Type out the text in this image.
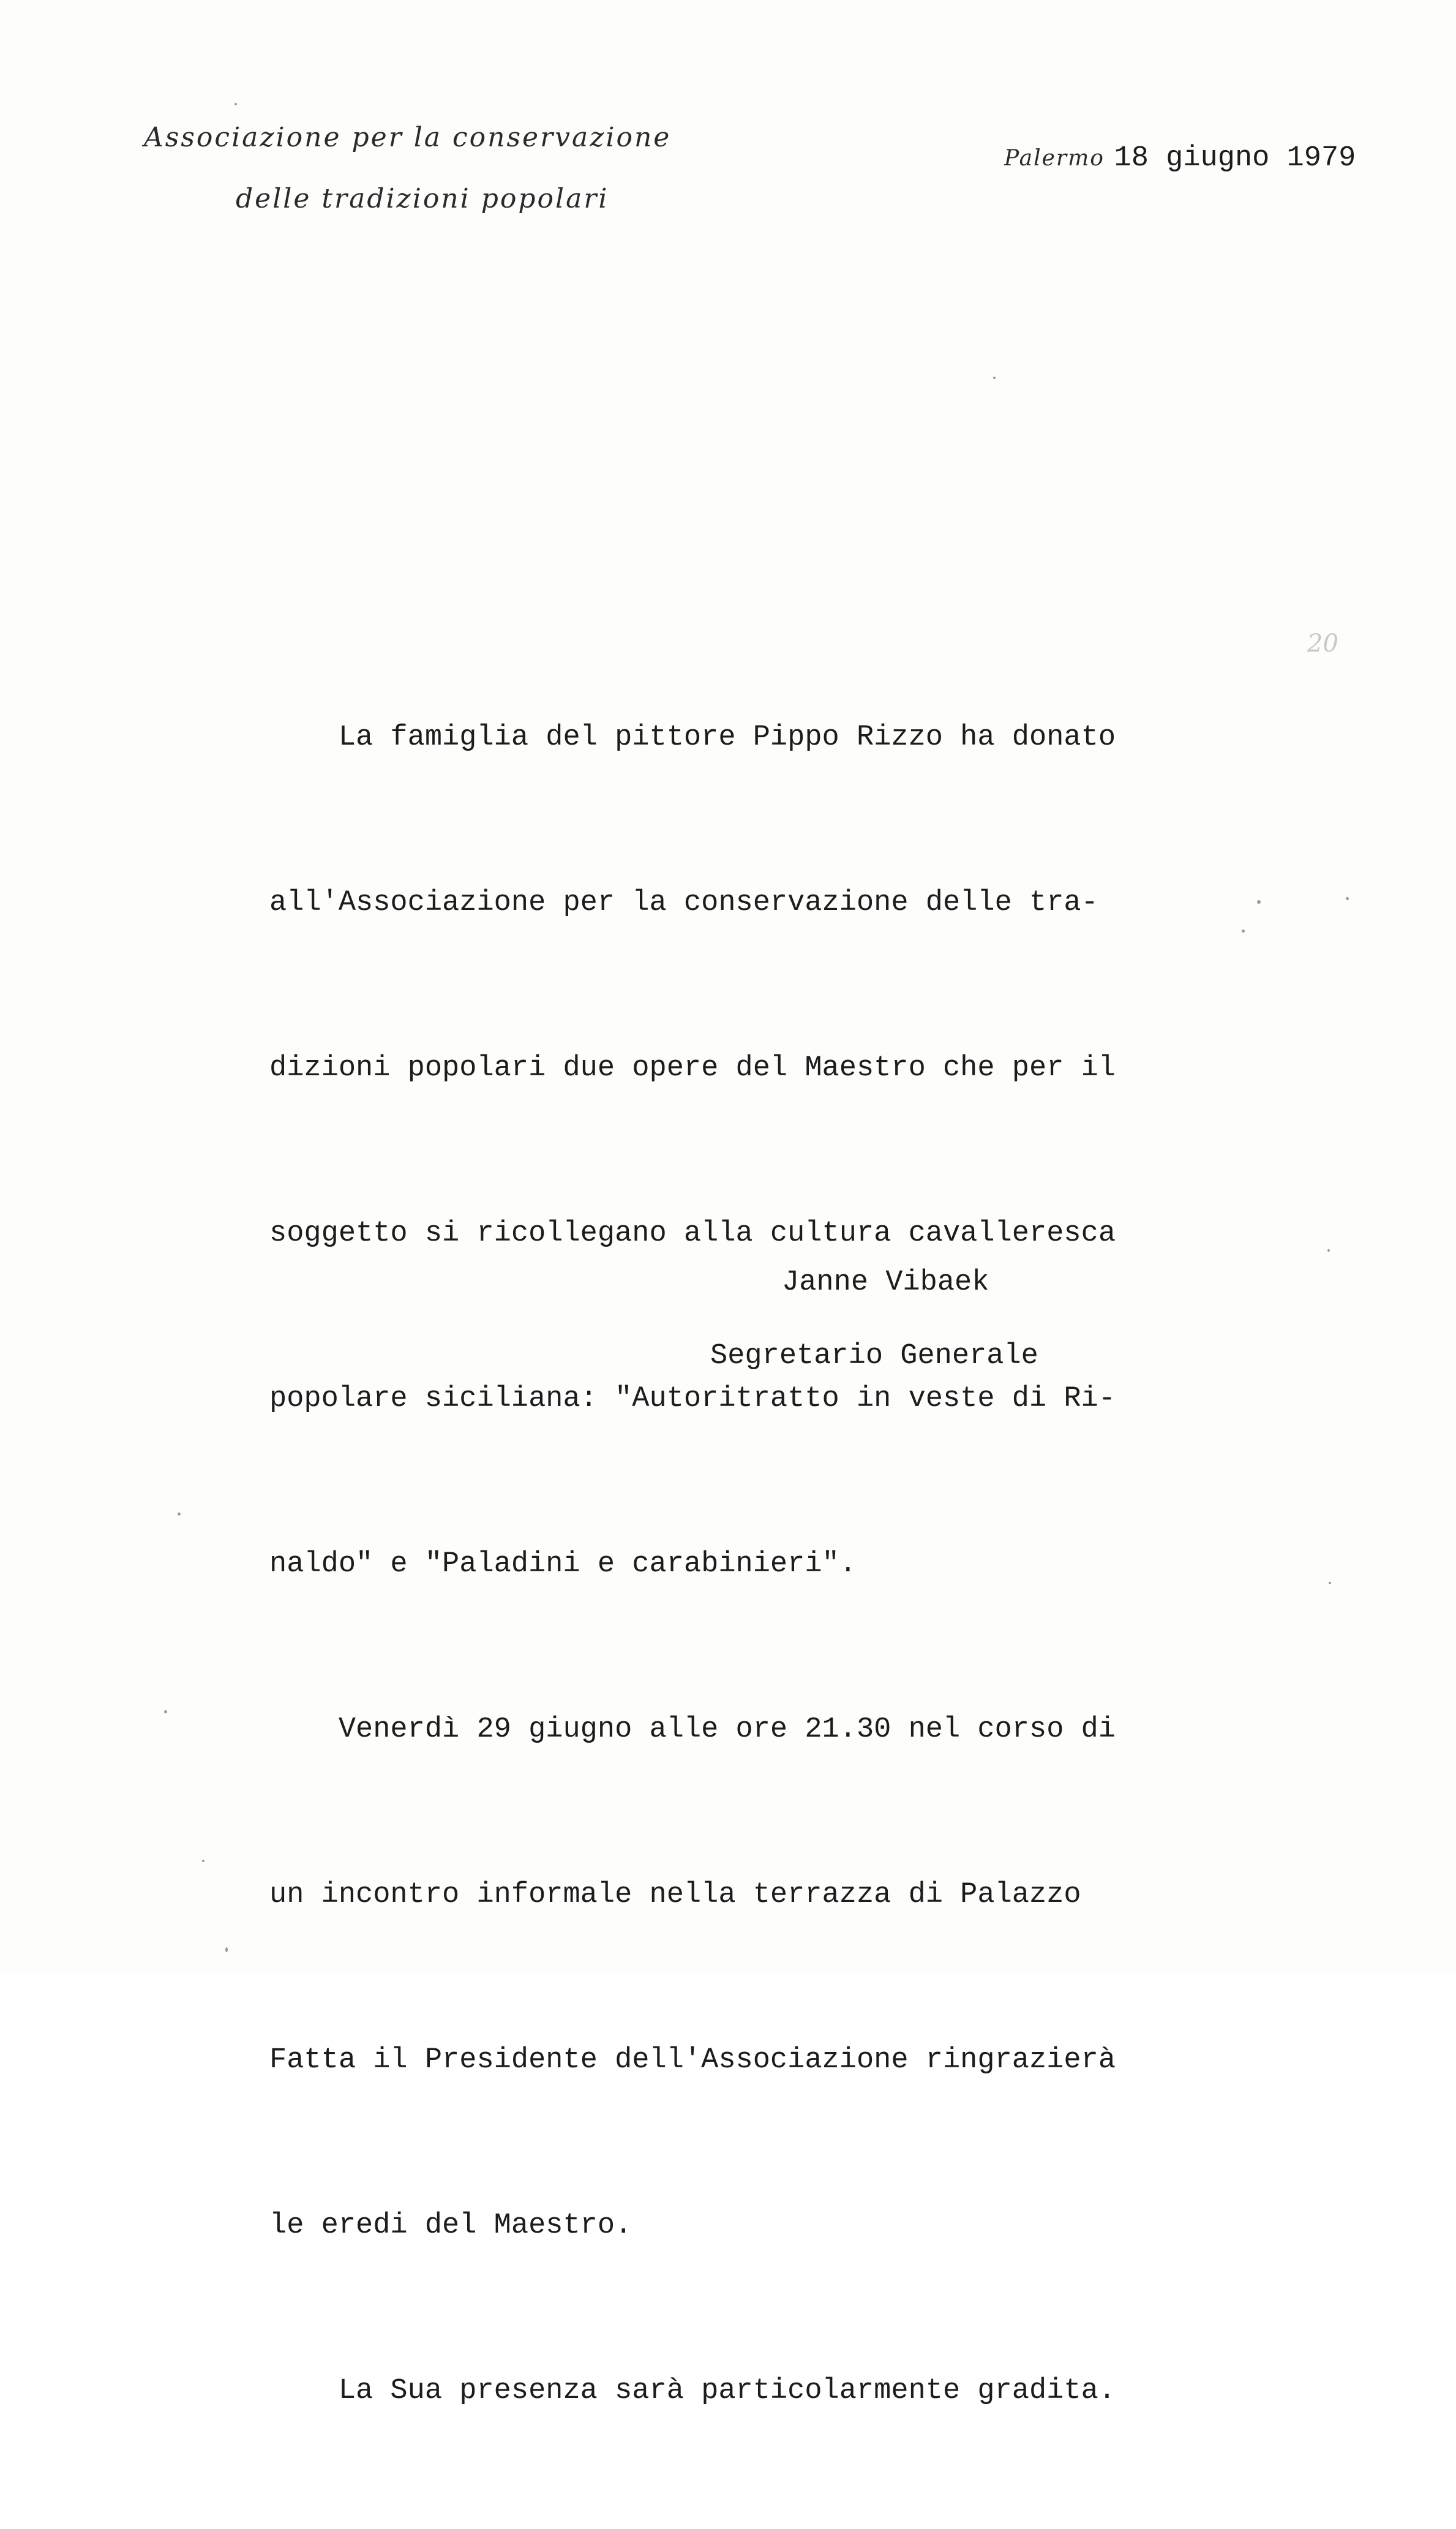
Associazione per la conservazione
delle tradizioni popolari
Palermo 18 giugno 1979
20

La famiglia del pittore Pippo Rizzo ha donato

all'Associazione per la conservazione delle tra-

dizioni popolari due opere del Maestro che per il

soggetto si ricollegano alla cultura cavalleresca

popolare siciliana: "Autoritratto in veste di Ri-

naldo" e "Paladini e carabinieri".

Venerdì 29 giugno alle ore 21.30 nel corso di

un incontro informale nella terrazza di Palazzo

Fatta il Presidente dell'Associazione ringrazierà

le eredi del Maestro.

La Sua presenza sarà particolarmente gradita.

Janne Vibaek
Segretario Generale
